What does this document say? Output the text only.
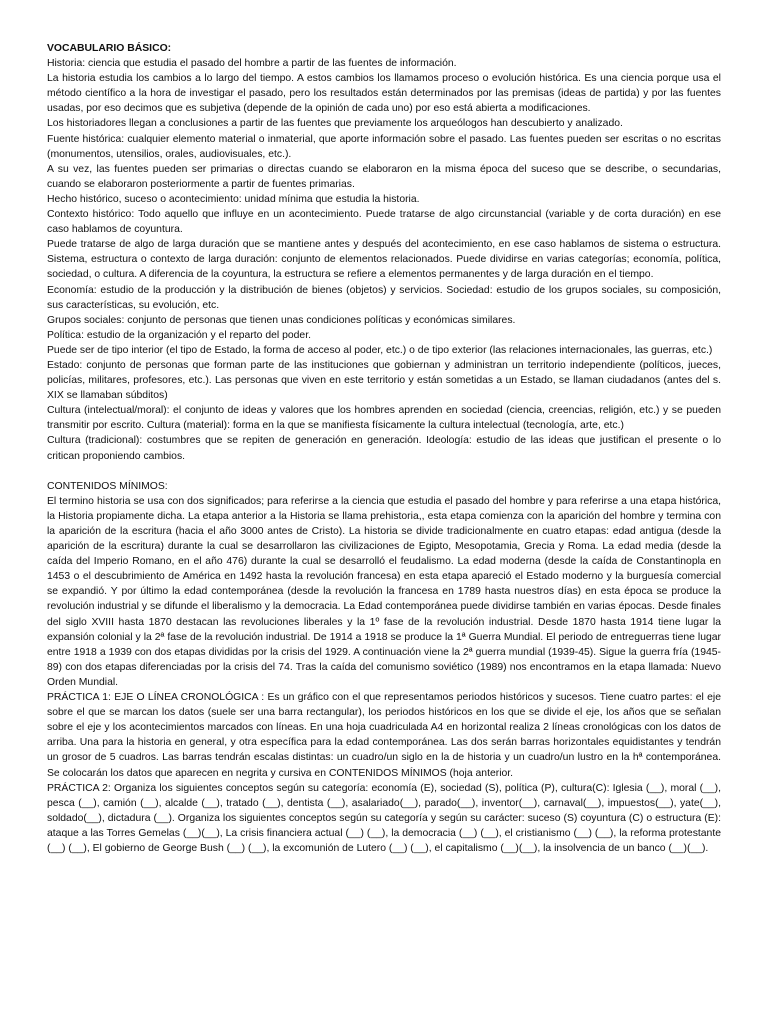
VOCABULARIO BÁSICO:

Historia: ciencia que estudia el pasado del hombre a partir de las fuentes de información.

La historia estudia los cambios a lo largo del tiempo. A estos cambios los llamamos proceso o evolución histórica. Es una ciencia porque usa el método científico a la hora de investigar el pasado, pero los resultados están determinados por las premisas (ideas de partida) y por las fuentes usadas, por eso decimos que es subjetiva (depende de la opinión de cada uno) por eso está abierta a modificaciones.

Los historiadores llegan a conclusiones a partir de las fuentes que previamente los arqueólogos han descubierto y analizado.

Fuente histórica: cualquier elemento material o inmaterial, que aporte información sobre el pasado. Las fuentes pueden ser escritas o no escritas (monumentos, utensilios, orales, audiovisuales, etc.).

A su vez, las fuentes pueden ser primarias o directas cuando se elaboraron en la misma época del suceso que se describe, o secundarias, cuando se elaboraron posteriormente a partir de fuentes primarias.

Hecho histórico, suceso o acontecimiento: unidad mínima que estudia la historia.

Contexto histórico: Todo aquello que influye en un acontecimiento. Puede tratarse de algo circunstancial (variable y de corta duración) en ese caso hablamos de coyuntura.

Puede tratarse de algo de larga duración que se mantiene antes y después del acontecimiento, en ese caso hablamos de sistema o estructura. Sistema, estructura o contexto de larga duración: conjunto de elementos relacionados. Puede dividirse en varias categorías; economía, política, sociedad, o cultura. A diferencia de la coyuntura, la estructura se refiere a elementos permanentes y de larga duración en el tiempo.

Economía: estudio de la producción y la distribución de bienes (objetos) y servicios. Sociedad: estudio de los grupos sociales, su composición, sus características, su evolución, etc.

Grupos sociales: conjunto de personas que tienen unas condiciones políticas y económicas similares.

Política: estudio de la organización y el reparto del poder.

Puede ser de tipo interior (el tipo de Estado, la forma de acceso al poder, etc.) o de tipo exterior (las relaciones internacionales, las guerras, etc.)

Estado: conjunto de personas que forman parte de las instituciones que gobiernan y administran un territorio independiente (políticos, jueces, policías, militares, profesores, etc.). Las personas que viven en este territorio y están sometidas a un Estado, se llaman ciudadanos (antes del s. XIX se llamaban súbditos)

Cultura (intelectual/moral): el conjunto de ideas y valores que los hombres aprenden en sociedad (ciencia, creencias, religión, etc.) y se pueden transmitir por escrito. Cultura (material): forma en la que se manifiesta físicamente la cultura intelectual (tecnología, arte, etc.)

Cultura (tradicional): costumbres que se repiten de generación en generación. Ideología: estudio de las ideas que justifican el presente o lo critican proponiendo cambios.

CONTENIDOS MÍNIMOS:

El termino historia se usa con dos significados; para referirse a la ciencia que estudia el pasado del hombre y para referirse a una etapa histórica, la Historia propiamente dicha. La etapa anterior a la Historia se llama prehistoria,, esta etapa comienza con la aparición del hombre y termina con la aparición de la escritura (hacia el año 3000 antes de Cristo). La historia se divide tradicionalmente en cuatro etapas: edad antigua (desde la aparición de la escritura) durante la cual se desarrollaron las civilizaciones de Egipto, Mesopotamia, Grecia y Roma. La edad media (desde la caída del Imperio Romano, en el año 476) durante la cual se desarrolló el feudalismo. La edad moderna (desde la caída de Constantinopla en 1453 o el descubrimiento de América en 1492 hasta la revolución francesa) en esta etapa apareció el Estado moderno y la burguesía comercial se expandió. Y por último la edad contemporánea (desde la revolución la francesa en 1789 hasta nuestros días) en esta época se produce la revolución industrial y se difunde el liberalismo y la democracia. La Edad contemporánea puede dividirse también en varias épocas. Desde finales del siglo XVIII hasta 1870 destacan las revoluciones liberales y la 1º fase de la revolución industrial. Desde 1870 hasta 1914 tiene lugar la expansión colonial y la 2ª fase de la revolución industrial. De 1914 a 1918 se produce la 1ª Guerra Mundial. El periodo de entreguerras tiene lugar entre 1918 a 1939 con dos etapas divididas por la crisis del 1929. A continuación viene la 2ª guerra mundial (1939-45). Sigue la guerra fría (1945-89) con dos etapas diferenciadas por la crisis del 74. Tras la caída del comunismo soviético (1989) nos encontramos en la etapa llamada: Nuevo Orden Mundial.

PRÁCTICA 1: EJE O LÍNEA CRONOLÓGICA : Es un gráfico con el que representamos periodos históricos y sucesos. Tiene cuatro partes: el eje sobre el que se marcan los datos (suele ser una barra rectangular), los periodos históricos en los que se divide el eje, los años que se señalan sobre el eje y los acontecimientos marcados con líneas. En una hoja cuadriculada A4 en horizontal realiza 2 líneas cronológicas con los datos de arriba. Una para la historia en general, y otra específica para la edad contemporánea. Las dos serán barras horizontales equidistantes y tendrán un grosor de 5 cuadros. Las barras tendrán escalas distintas: un cuadro/un siglo en la de historia y un cuadro/un lustro en la hª contemporánea. Se colocarán los datos que aparecen en negrita y cursiva en CONTENIDOS MÍNIMOS (hoja anterior.

PRÁCTICA 2: Organiza los siguientes conceptos según su categoría: economía (E), sociedad (S), política (P), cultura(C): Iglesia (__), moral (__), pesca (__), camión (__), alcalde (__), tratado (__), dentista (__), asalariado(__), parado(__), inventor(__), carnaval(__), impuestos(__), yate(__), soldado(__), dictadura (__). Organiza los siguientes conceptos según su categoría y según su carácter: suceso (S) coyuntura (C) o estructura (E): ataque a las Torres Gemelas (__)(__), La crisis financiera actual (__) (__), la democracia (__) (__), el cristianismo (__) (__), la reforma protestante (__) (__), El gobierno de George Bush (__) (__), la excomunión de Lutero (__) (__), el capitalismo (__)(__), la insolvencia de un banco (__)(__).
